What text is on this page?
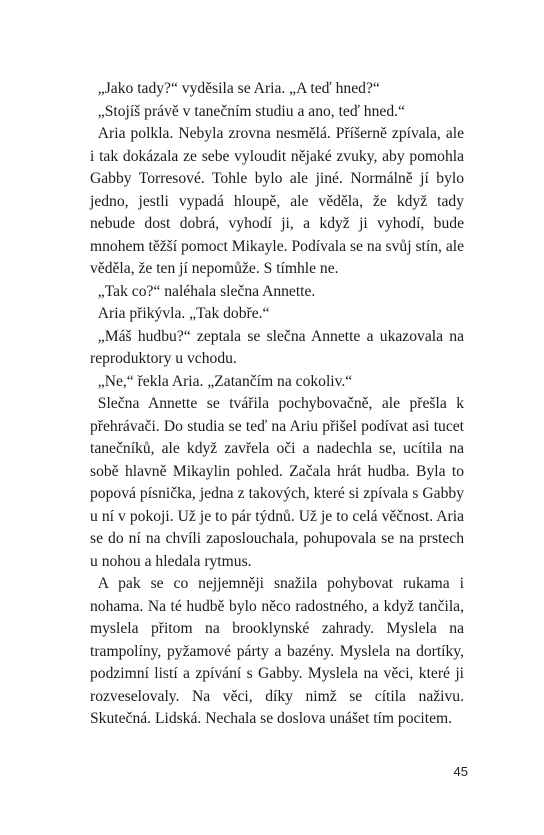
„Jako tady?“ vyděsila se Aria. „A teď hned?“

„Stojíš právě v tanečním studiu a ano, teď hned.“

Aria polkla. Nebyla zrovna nesmělá. Příšerně zpívala, ale i tak dokázala ze sebe vyloudit nějaké zvuky, aby pomohla Gabby Torresové. Tohle bylo ale jiné. Normálně jí bylo jedno, jestli vypadá hloupě, ale věděla, že když tady nebude dost dobrá, vyhodí ji, a když ji vyhodí, bude mnohem těžší pomoct Mikayle. Podívala se na svůj stín, ale věděla, že ten jí nepomůže. S tímhle ne.

„Tak co?“ naléhala slečna Annette.

Aria přikývla. „Tak dobře.“

„Máš hudbu?“ zeptala se slečna Annette a ukazovala na reproduktory u vchodu.

„Ne,“ řekla Aria. „Zatančím na cokoliv.“

Slečna Annette se tvářila pochybovačně, ale přešla k přehrávači. Do studia se teď na Ariu přišel podívat asi tucet tanečníků, ale když zavřela oči a nadechla se, ucítila na sobě hlavně Mikaylin pohled. Začala hrát hudba. Byla to popová písnička, jedna z takových, které si zpívala s Gabby u ní v pokoji. Už je to pár týdnů. Už je to celá věčnost. Aria se do ní na chvíli zaposlouchala, pohupovala se na prstech u nohou a hledala rytmus.

A pak se co nejjemněji snažila pohybovat rukama i nohama. Na té hudbě bylo něco radostného, a když tančila, myslela přitom na brooklynské zahrady. Myslela na trampolíny, pyžamové párty a bazény. Myslela na dortíky, podzimní listí a zpívání s Gabby. Myslela na věci, které ji rozveselovaly. Na věci, díky nimž se cítila naživu. Skutečná. Lidská. Nechala se doslova unášet tím pocitem.

45
